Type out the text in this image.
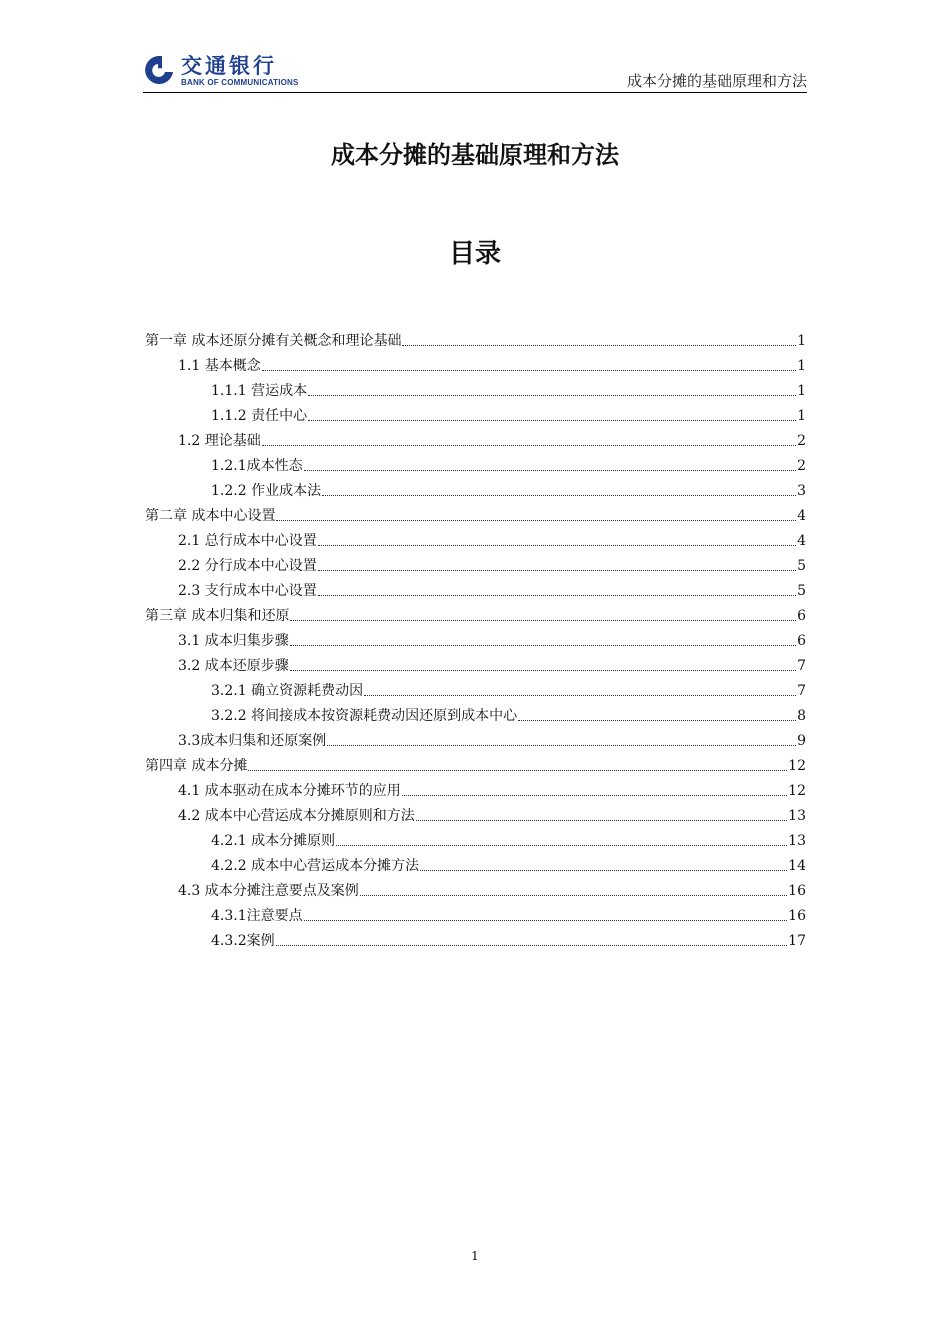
交通银行
BANK OF COMMUNICATIONS	成本分摊的基础原理和方法
成本分摊的基础原理和方法
目录
第一章 成本还原分摊有关概念和理论基础	1
1.1 基本概念	1
1.1.1 营运成本	1
1.1.2 责任中心	1
1.2 理论基础	2
1.2.1成本性态	2
1.2.2 作业成本法	3
第二章 成本中心设置	4
2.1 总行成本中心设置	4
2.2 分行成本中心设置	5
2.3 支行成本中心设置	5
第三章 成本归集和还原	6
3.1 成本归集步骤	6
3.2 成本还原步骤	7
3.2.1 确立资源耗费动因	7
3.2.2 将间接成本按资源耗费动因还原到成本中心	8
3.3成本归集和还原案例	9
第四章 成本分摊	12
4.1 成本驱动在成本分摊环节的应用	12
4.2 成本中心营运成本分摊原则和方法	13
4.2.1 成本分摊原则	13
4.2.2 成本中心营运成本分摊方法	14
4.3 成本分摊注意要点及案例	16
4.3.1注意要点	16
4.3.2案例	17
1
